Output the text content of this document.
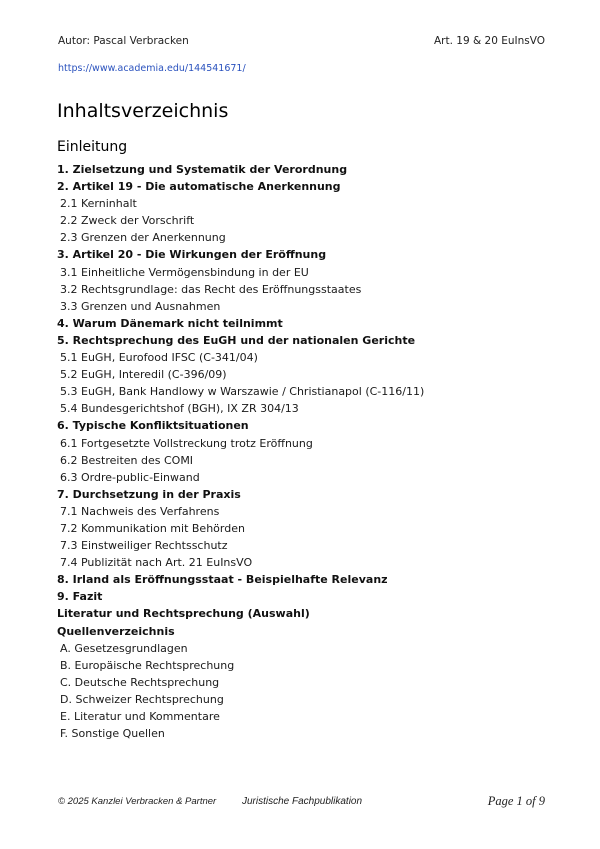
Autor: Pascal Verbracken	Art. 19 & 20 EuInsVO
https://www.academia.edu/144541671/
Inhaltsverzeichnis
Einleitung
1. Zielsetzung und Systematik der Verordnung
2. Artikel 19 - Die automatische Anerkennung
2.1 Kerninhalt
2.2 Zweck der Vorschrift
2.3 Grenzen der Anerkennung
3. Artikel 20 - Die Wirkungen der Eröffnung
3.1 Einheitliche Vermögensbindung in der EU
3.2 Rechtsgrundlage: das Recht des Eröffnungsstaates
3.3 Grenzen und Ausnahmen
4. Warum Dänemark nicht teilnimmt
5. Rechtsprechung des EuGH und der nationalen Gerichte
5.1 EuGH, Eurofood IFSC (C-341/04)
5.2 EuGH, Interedil (C-396/09)
5.3 EuGH, Bank Handlowy w Warszawie / Christianapol (C-116/11)
5.4 Bundesgerichtshof (BGH), IX ZR 304/13
6. Typische Konfliktsituationen
6.1 Fortgesetzte Vollstreckung trotz Eröffnung
6.2 Bestreiten des COMI
6.3 Ordre-public-Einwand
7. Durchsetzung in der Praxis
7.1 Nachweis des Verfahrens
7.2 Kommunikation mit Behörden
7.3 Einstweiliger Rechtsschutz
7.4 Publizität nach Art. 21 EuInsVO
8. Irland als Eröffnungsstaat - Beispielhafte Relevanz
9. Fazit
Literatur und Rechtsprechung (Auswahl)
Quellenverzeichnis
A. Gesetzesgrundlagen
B. Europäische Rechtsprechung
C. Deutsche Rechtsprechung
D. Schweizer Rechtsprechung
E. Literatur und Kommentare
F. Sonstige Quellen
© 2025 Kanzlei Verbracken & Partner	Juristische Fachpublikation	Page 1 of 9
